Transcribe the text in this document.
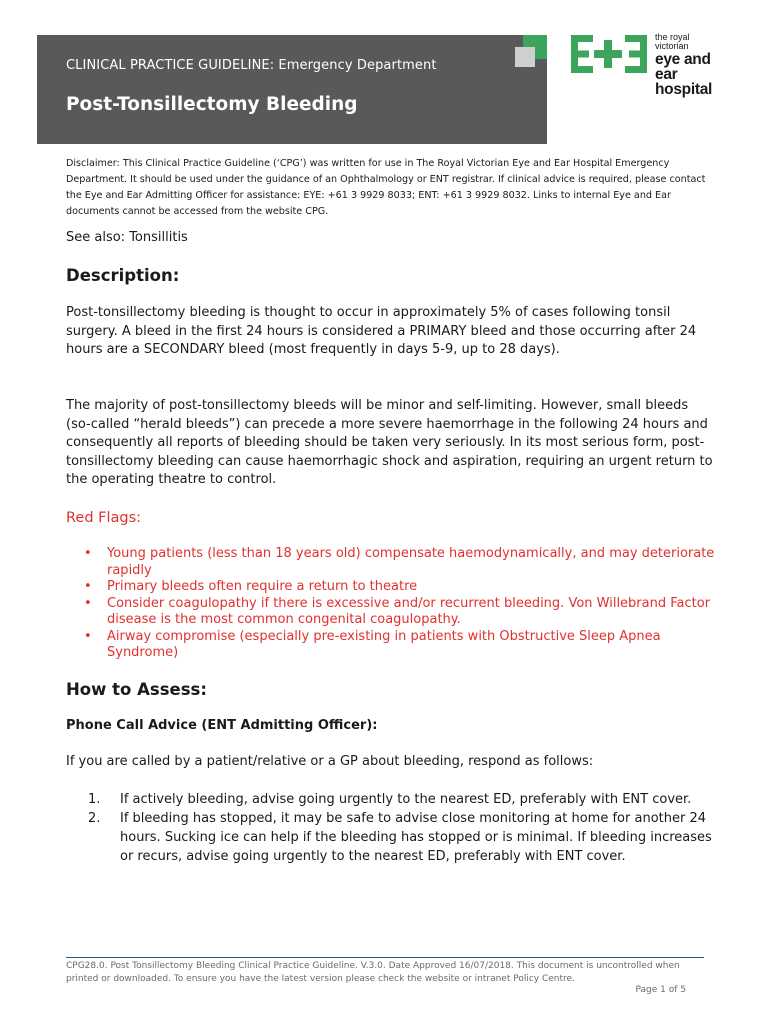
CLINICAL PRACTICE GUIDELINE: Emergency Department
Post-Tonsillectomy Bleeding
the royal victorian
eye and ear
hospital

Disclaimer: This Clinical Practice Guideline (‘CPG’) was written for use in The Royal Victorian Eye and Ear Hospital Emergency Department. It should be used under the guidance of an Ophthalmology or ENT registrar. If clinical advice is required, please contact the Eye and Ear Admitting Officer for assistance: EYE: +61 3 9929 8033; ENT: +61 3 9929 8032. Links to internal Eye and Ear documents cannot be accessed from the website CPG.

See also: Tonsillitis

Description:

Post-tonsillectomy bleeding is thought to occur in approximately 5% of cases following tonsil surgery. A bleed in the first 24 hours is considered a PRIMARY bleed and those occurring after 24 hours are a SECONDARY bleed (most frequently in days 5-9, up to 28 days).

The majority of post-tonsillectomy bleeds will be minor and self-limiting. However, small bleeds (so-called “herald bleeds”) can precede a more severe haemorrhage in the following 24 hours and consequently all reports of bleeding should be taken very seriously. In its most serious form, post-tonsillectomy bleeding can cause haemorrhagic shock and aspiration, requiring an urgent return to the operating theatre to control.

Red Flags:
• Young patients (less than 18 years old) compensate haemodynamically, and may deteriorate rapidly
• Primary bleeds often require a return to theatre
• Consider coagulopathy if there is excessive and/or recurrent bleeding. Von Willebrand Factor disease is the most common congenital coagulopathy.
• Airway compromise (especially pre-existing in patients with Obstructive Sleep Apnea Syndrome)
How to Assess:
Phone Call Advice (ENT Admitting Officer):

If you are called by a patient/relative or a GP about bleeding, respond as follows:

1. If actively bleeding, advise going urgently to the nearest ED, preferably with ENT cover.
2. If bleeding has stopped, it may be safe to advise close monitoring at home for another 24 hours. Sucking ice can help if the bleeding has stopped or is minimal. If bleeding increases or recurs, advise going urgently to the nearest ED, preferably with ENT cover.

CPG28.0. Post Tonsillectomy Bleeding Clinical Practice Guideline. V.3.0. Date Approved 16/07/2018. This document is uncontrolled when printed or downloaded. To ensure you have the latest version please check the website or intranet Policy Centre.

Page 1 of 5
